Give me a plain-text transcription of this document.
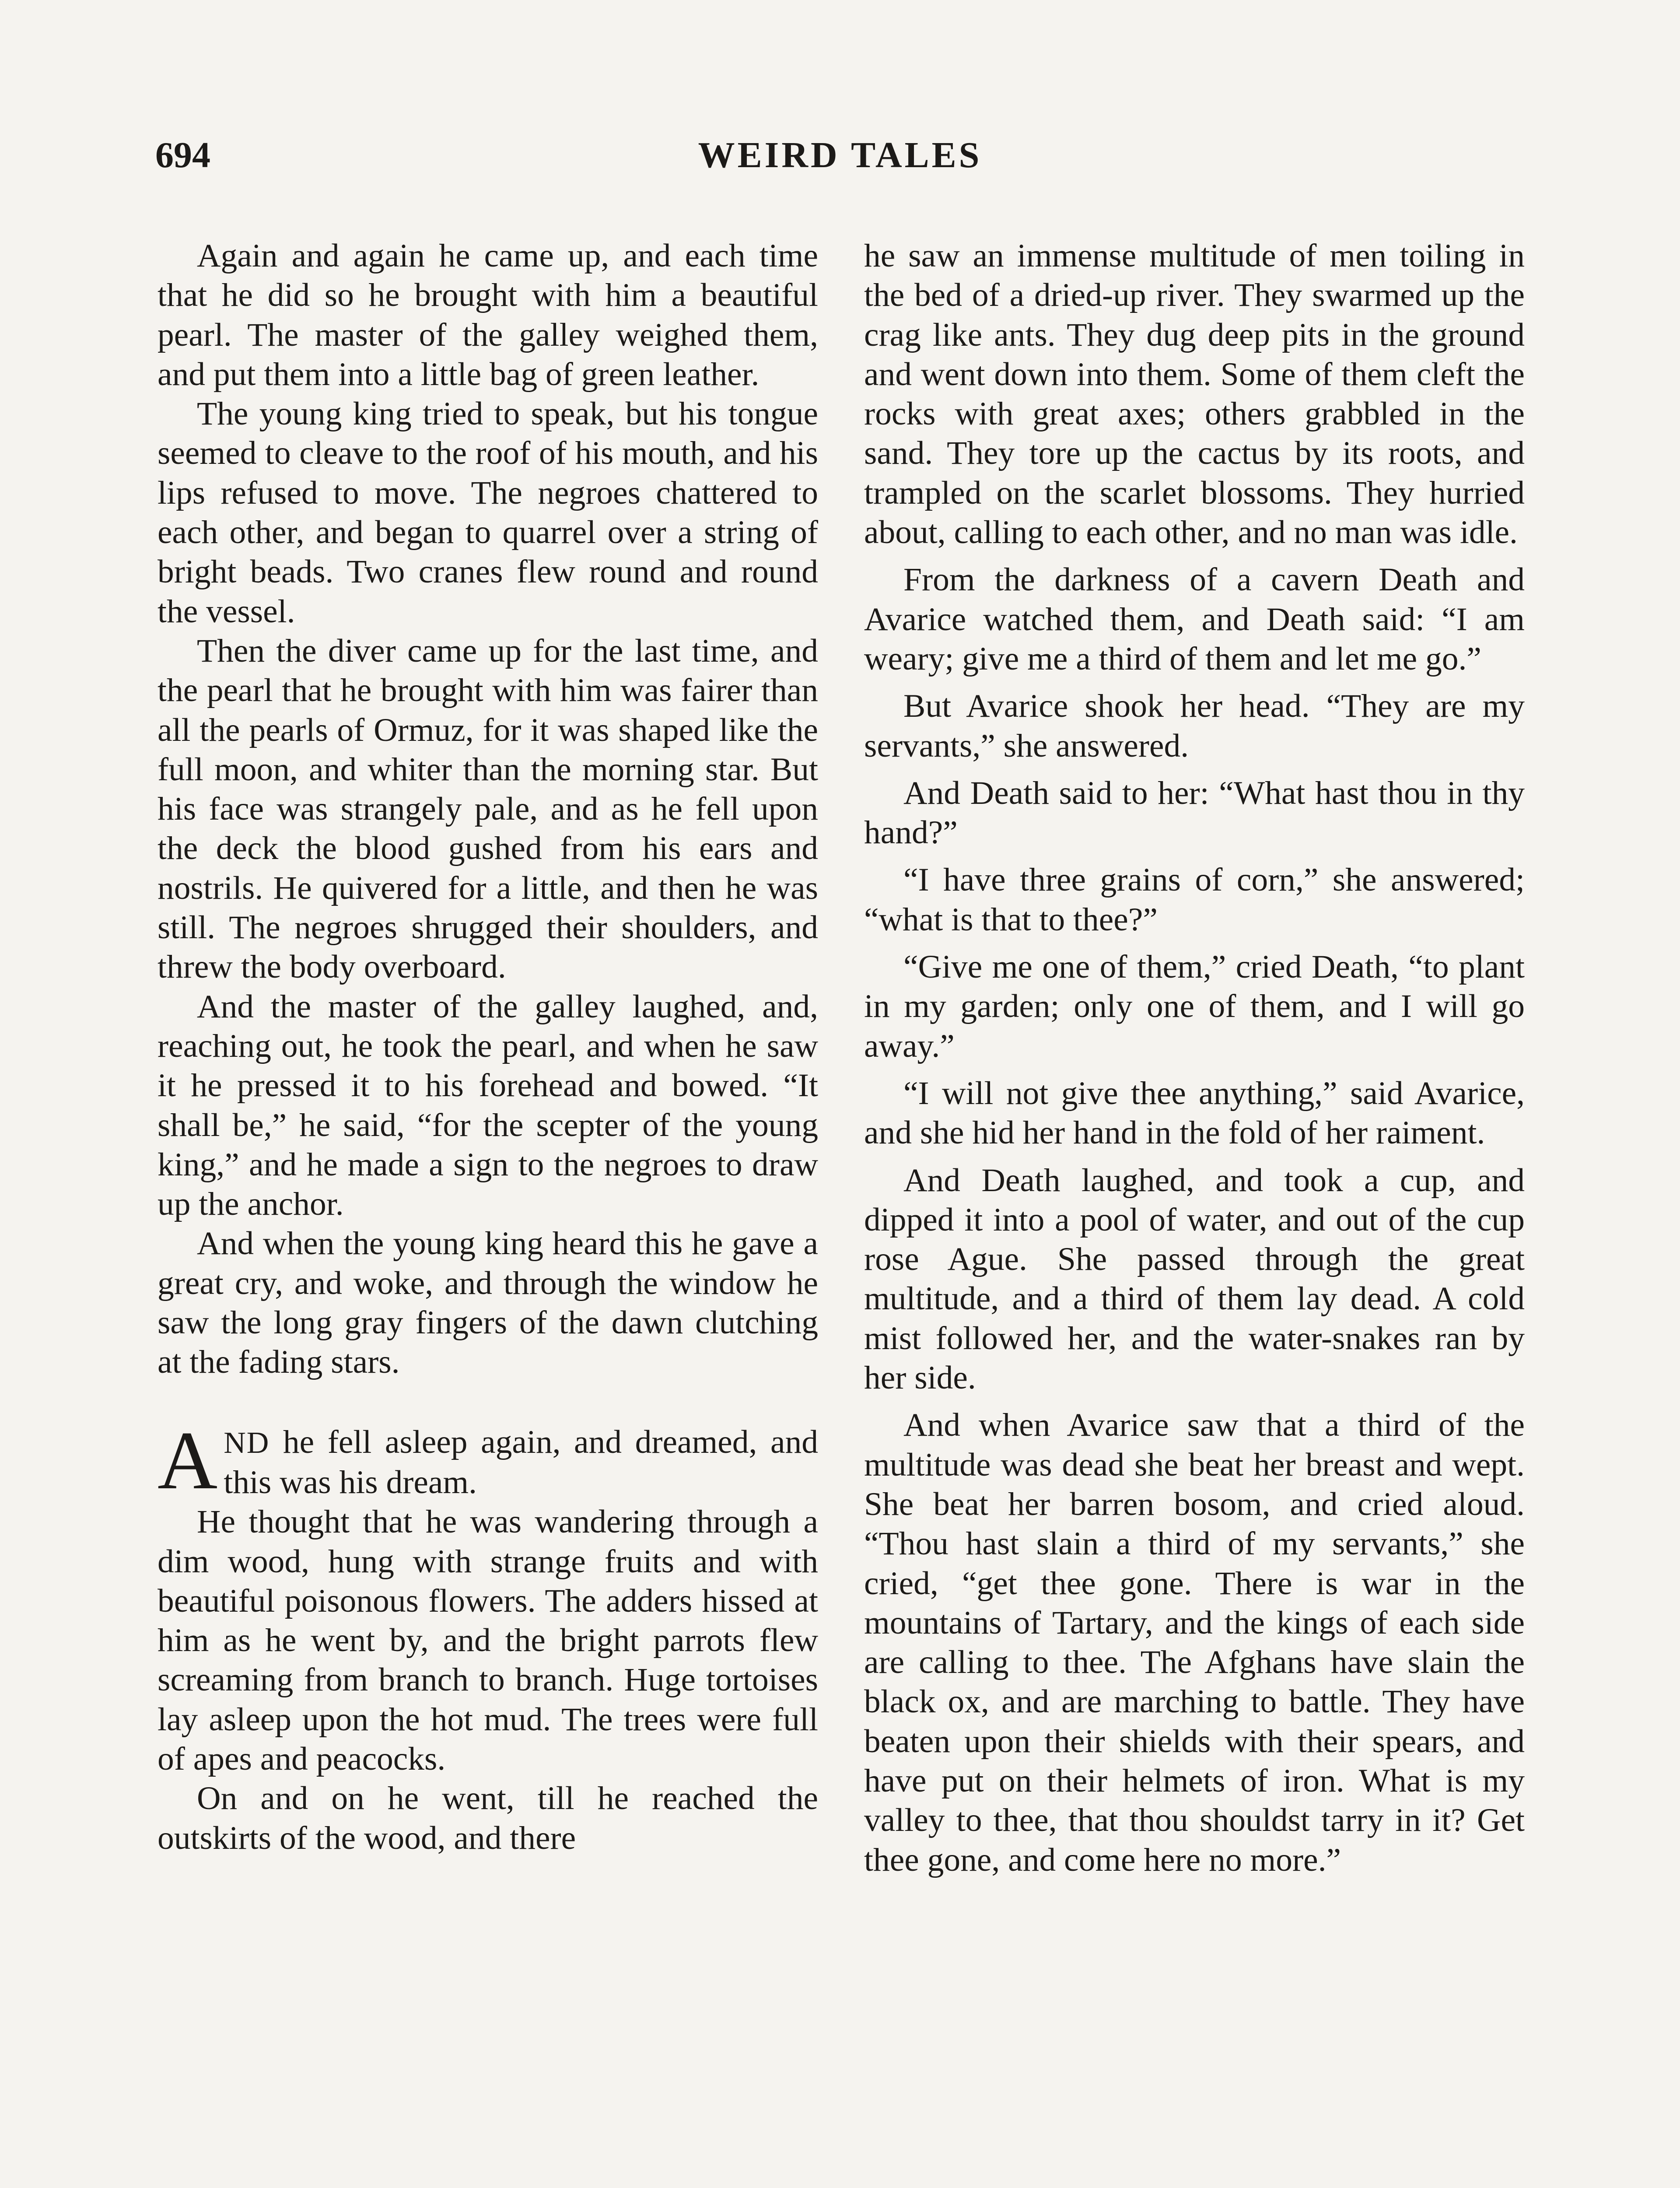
694	WEIRD TALES

Again and again he came up, and each time that he did so he brought with him a beautiful pearl. The master of the galley weighed them, and put them into a little bag of green leather.

The young king tried to speak, but his tongue seemed to cleave to the roof of his mouth, and his lips refused to move. The negroes chattered to each other, and began to quarrel over a string of bright beads. Two cranes flew round and round the vessel.

Then the diver came up for the last time, and the pearl that he brought with him was fairer than all the pearls of Ormuz, for it was shaped like the full moon, and whiter than the morning star. But his face was strangely pale, and as he fell upon the deck the blood gushed from his ears and nostrils. He quivered for a little, and then he was still. The negroes shrugged their shoulders, and threw the body overboard.

And the master of the galley laughed, and, reaching out, he took the pearl, and when he saw it he pressed it to his forehead and bowed. “It shall be,” he said, “for the scepter of the young king,” and he made a sign to the negroes to draw up the anchor.

And when the young king heard this he gave a great cry, and woke, and through the window he saw the long gray fingers of the dawn clutching at the fading stars.

AND he fell asleep again, and dreamed, and this was his dream.

He thought that he was wandering through a dim wood, hung with strange fruits and with beautiful poisonous flowers. The adders hissed at him as he went by, and the bright parrots flew screaming from branch to branch. Huge tortoises lay asleep upon the hot mud. The trees were full of apes and peacocks.

On and on he went, till he reached the outskirts of the wood, and there

he saw an immense multitude of men toiling in the bed of a dried-up river. They swarmed up the crag like ants. They dug deep pits in the ground and went down into them. Some of them cleft the rocks with great axes; others grabbled in the sand. They tore up the cactus by its roots, and trampled on the scarlet blossoms. They hurried about, calling to each other, and no man was idle.

From the darkness of a cavern Death and Avarice watched them, and Death said: “I am weary; give me a third of them and let me go.”

But Avarice shook her head. “They are my servants,” she answered.

And Death said to her: “What hast thou in thy hand?”

“I have three grains of corn,” she answered; “what is that to thee?”

“Give me one of them,” cried Death, “to plant in my garden; only one of them, and I will go away.”

“I will not give thee anything,” said Avarice, and she hid her hand in the fold of her raiment.

And Death laughed, and took a cup, and dipped it into a pool of water, and out of the cup rose Ague. She passed through the great multitude, and a third of them lay dead. A cold mist followed her, and the water-snakes ran by her side.

And when Avarice saw that a third of the multitude was dead she beat her breast and wept. She beat her barren bosom, and cried aloud. “Thou hast slain a third of my servants,” she cried, “get thee gone. There is war in the mountains of Tartary, and the kings of each side are calling to thee. The Afghans have slain the black ox, and are marching to battle. They have beaten upon their shields with their spears, and have put on their helmets of iron. What is my valley to thee, that thou shouldst tarry in it? Get thee gone, and come here no more.”
